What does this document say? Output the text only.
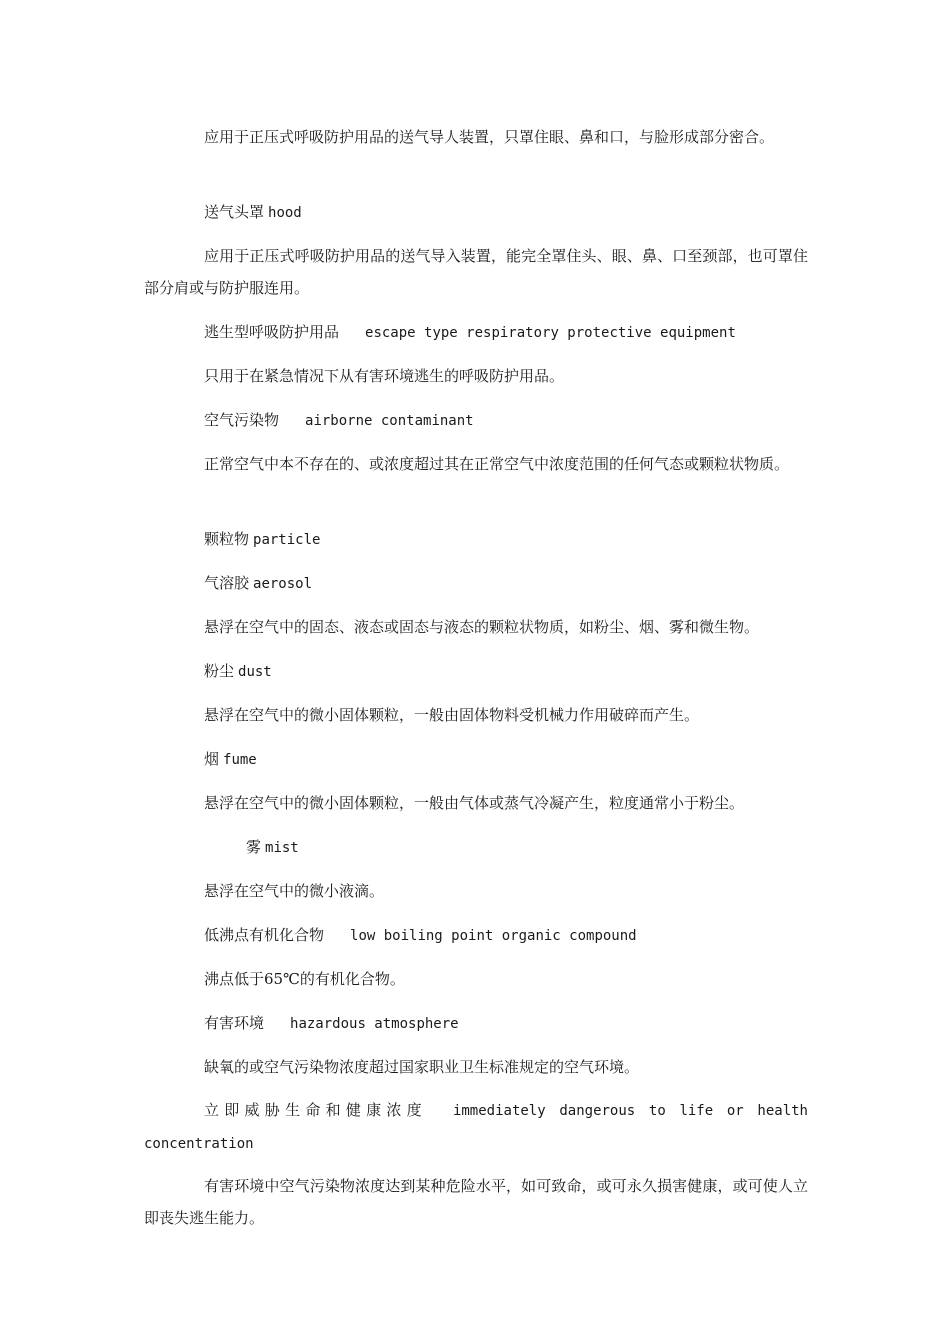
应用于正压式呼吸防护用品的送气导人装置，只罩住眼、鼻和口，与脸形成部分密合。

送气头罩 hood

应用于正压式呼吸防护用品的送气导入装置，能完全罩住头、眼、鼻、口至颈部，也可罩住部分肩或与防护服连用。

逃生型呼吸防护用品 escape type respiratory protective equipment

只用于在紧急情况下从有害环境逃生的呼吸防护用品。

空气污染物 airborne contaminant

正常空气中本不存在的、或浓度超过其在正常空气中浓度范围的任何气态或颗粒状物质。

颗粒物 particle

气溶胶 aerosol

悬浮在空气中的固态、液态或固态与液态的颗粒状物质，如粉尘、烟、雾和微生物。

粉尘 dust

悬浮在空气中的微小固体颗粒，一般由固体物料受机械力作用破碎而产生。

烟 fume

悬浮在空气中的微小固体颗粒，一般由气体或蒸气冷凝产生，粒度通常小于粉尘。

雾 mist

悬浮在空气中的微小液滴。

低沸点有机化合物 low boiling point organic compound

沸点低于65℃的有机化合物。

有害环境 hazardous atmosphere

缺氧的或空气污染物浓度超过国家职业卫生标准规定的空气环境。

立即威胁生命和健康浓度 immediately dangerous to life or health concentration

有害环境中空气污染物浓度达到某种危险水平，如可致命，或可永久损害健康，或可使人立即丧失逃生能力。
